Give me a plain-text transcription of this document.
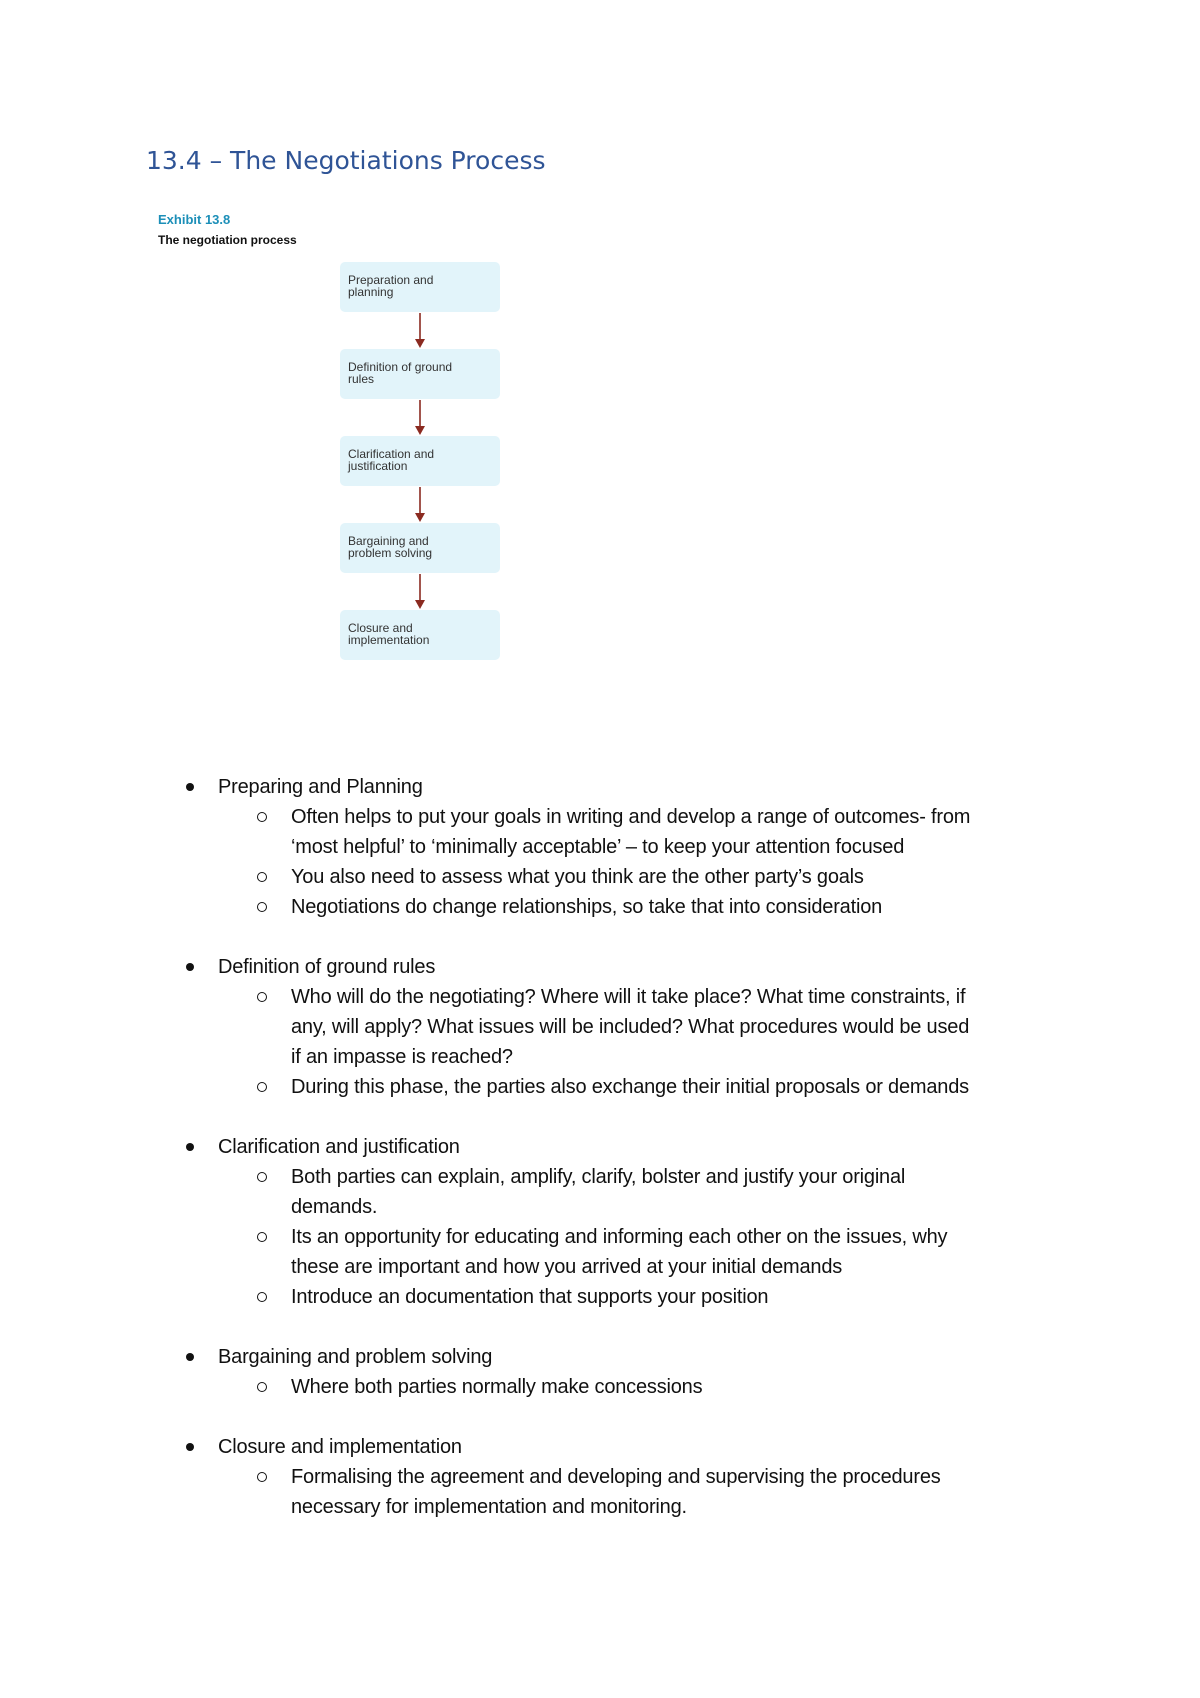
13.4 – The Negotiations Process
Exhibit 13.8
The negotiation process
Preparation and
planning
Definition of ground
rules
Clarification and
justification
Bargaining and
problem solving
Closure and
implementation
Preparing and Planning
Often helps to put your goals in writing and develop a range of outcomes- from ‘most helpful’ to ‘minimally acceptable’ – to keep your attention focused
You also need to assess what you think are the other party’s goals
Negotiations do change relationships, so take that into consideration
Definition of ground rules
Who will do the negotiating? Where will it take place? What time constraints, if any, will apply? What issues will be included? What procedures would be used if an impasse is reached?
During this phase, the parties also exchange their initial proposals or demands
Clarification and justification
Both parties can explain, amplify, clarify, bolster and justify your original demands.
Its an opportunity for educating and informing each other on the issues, why these are important and how you arrived at your initial demands
Introduce an documentation that supports your position
Bargaining and problem solving
Where both parties normally make concessions
Closure and implementation
Formalising the agreement and developing and supervising the procedures necessary for implementation and monitoring.
